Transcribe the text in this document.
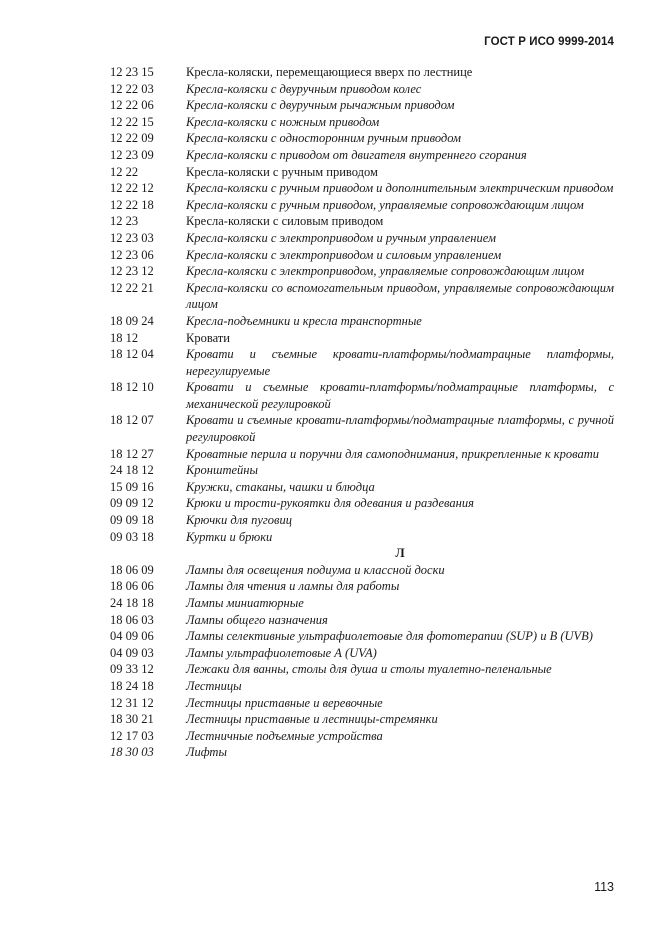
ГОСТ Р ИСО 9999-2014
12 23 15	Кресла-коляски, перемещающиеся вверх по лестнице
12 22 03	Кресла-коляски с двуручным приводом колес
12 22 06	Кресла-коляски с двуручным рычажным приводом
12 22 15	Кресла-коляски с ножным приводом
12 22 09	Кресла-коляски с односторонним ручным приводом
12 23 09	Кресла-коляски с приводом от двигателя внутреннего сгорания
12 22	Кресла-коляски с ручным приводом
12 22 12	Кресла-коляски с ручным приводом и дополнительным электрическим приводом
12 22 18	Кресла-коляски с ручным приводом, управляемые сопровождающим лицом
12 23	Кресла-коляски с силовым приводом
12 23 03	Кресла-коляски с электроприводом и ручным управлением
12 23 06	Кресла-коляски с электроприводом и силовым управлением
12 23 12	Кресла-коляски с электроприводом, управляемые сопровождающим лицом
12 22 21	Кресла-коляски со вспомогательным приводом, управляемые сопровождающим лицом
18 09 24	Кресла-подъемники и кресла транспортные
18 12	Кровати
18 12 04	Кровати и съемные кровати-платформы/подматрацные платформы, нерегулируемые
18 12 10	Кровати и съемные кровати-платформы/подматрацные платформы, с механической регулировкой
18 12 07	Кровати и съемные кровати-платформы/подматрацные платформы, с ручной регулировкой
18 12 27	Кроватные перила и поручни для самоподнимания, прикрепленные к кровати
24 18 12	Кронштейны
15 09 16	Кружки, стаканы, чашки и блюдца
09 09 12	Крюки и трости-рукоятки для одевания и раздевания
09 09 18	Крючки для пуговиц
09 03 18	Куртки и брюки
Л
18 06 09	Лампы для освещения подиума и классной доски
18 06 06	Лампы для чтения и лампы для работы
24 18 18	Лампы миниатюрные
18 06 03	Лампы общего назначения
04 09 06	Лампы селективные ультрафиолетовые для фототерапии (SUP) и В (UVB)
04 09 03	Лампы ультрафиолетовые А (UVA)
09 33 12	Лежаки для ванны, столы для душа и столы туалетно-пеленальные
18 24 18	Лестницы
12 31 12	Лестницы приставные и веревочные
18 30 21	Лестницы приставные и лестницы-стремянки
12 17 03	Лестничные подъемные устройства
18 30 03	Лифты
113
